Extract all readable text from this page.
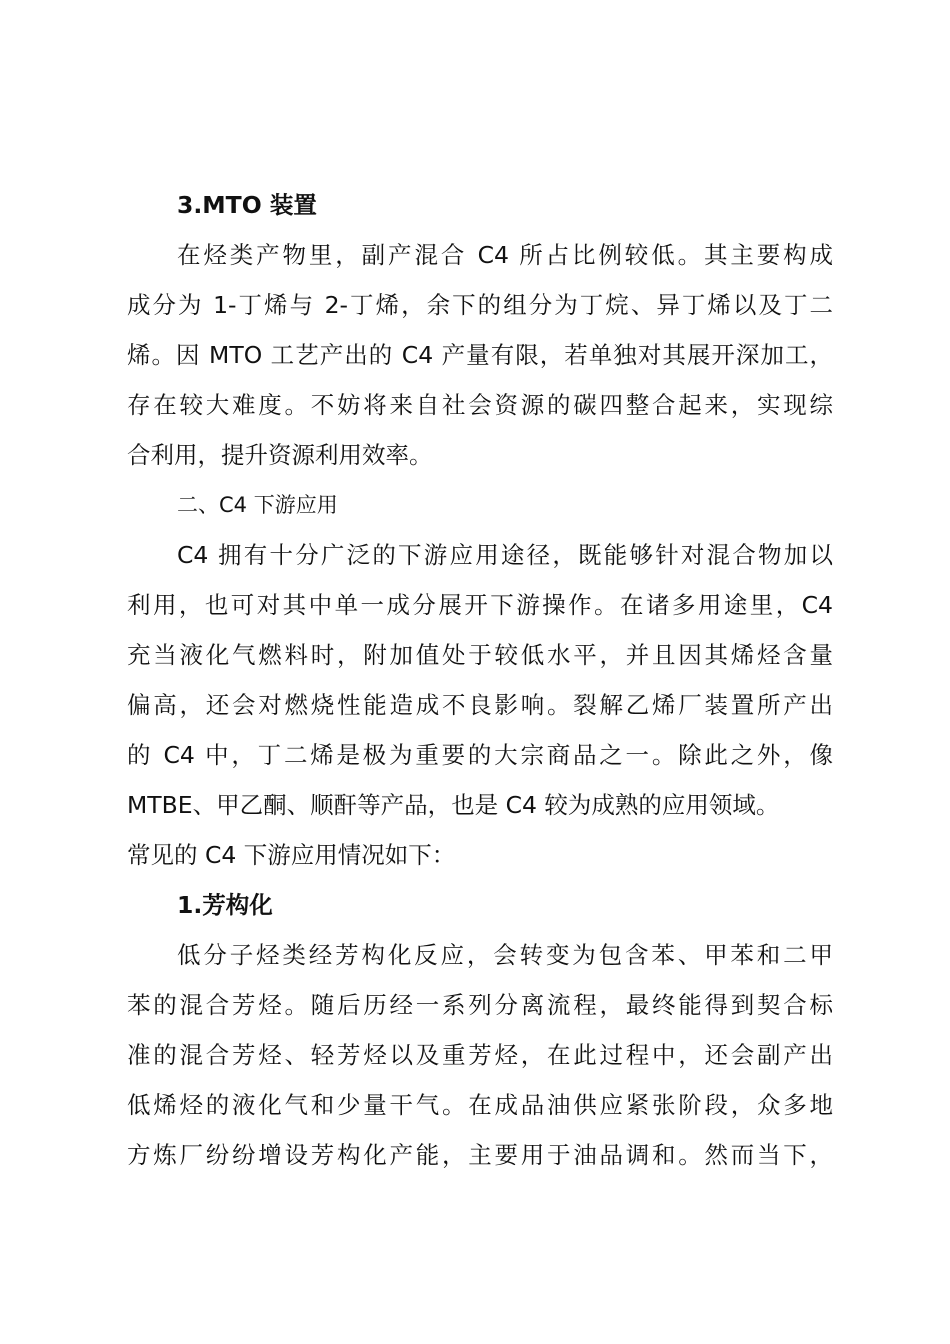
3.MTO 装置
在烃类产物里，副产混合 C4 所占比例较低。其主要构成
成分为 1-丁烯与 2-丁烯，余下的组分为丁烷、异丁烯以及丁二
烯。因 MTO 工艺产出的 C4 产量有限，若单独对其展开深加工，
存在较大难度。不妨将来自社会资源的碳四整合起来，实现综
合利用，提升资源利用效率。
二、C4 下游应用
C4 拥有十分广泛的下游应用途径，既能够针对混合物加以
利用，也可对其中单一成分展开下游操作。在诸多用途里，C4
充当液化气燃料时，附加值处于较低水平，并且因其烯烃含量
偏高，还会对燃烧性能造成不良影响。裂解乙烯厂装置所产出
的 C4 中，丁二烯是极为重要的大宗商品之一。除此之外，像
MTBE、甲乙酮、顺酐等产品，也是 C4 较为成熟的应用领域。
常见的 C4 下游应用情况如下：
1.芳构化
低分子烃类经芳构化反应，会转变为包含苯、甲苯和二甲
苯的混合芳烃。随后历经一系列分离流程，最终能得到契合标
准的混合芳烃、轻芳烃以及重芳烃，在此过程中，还会副产出
低烯烃的液化气和少量干气。在成品油供应紧张阶段，众多地
方炼厂纷纷增设芳构化产能，主要用于油品调和。然而当下，
